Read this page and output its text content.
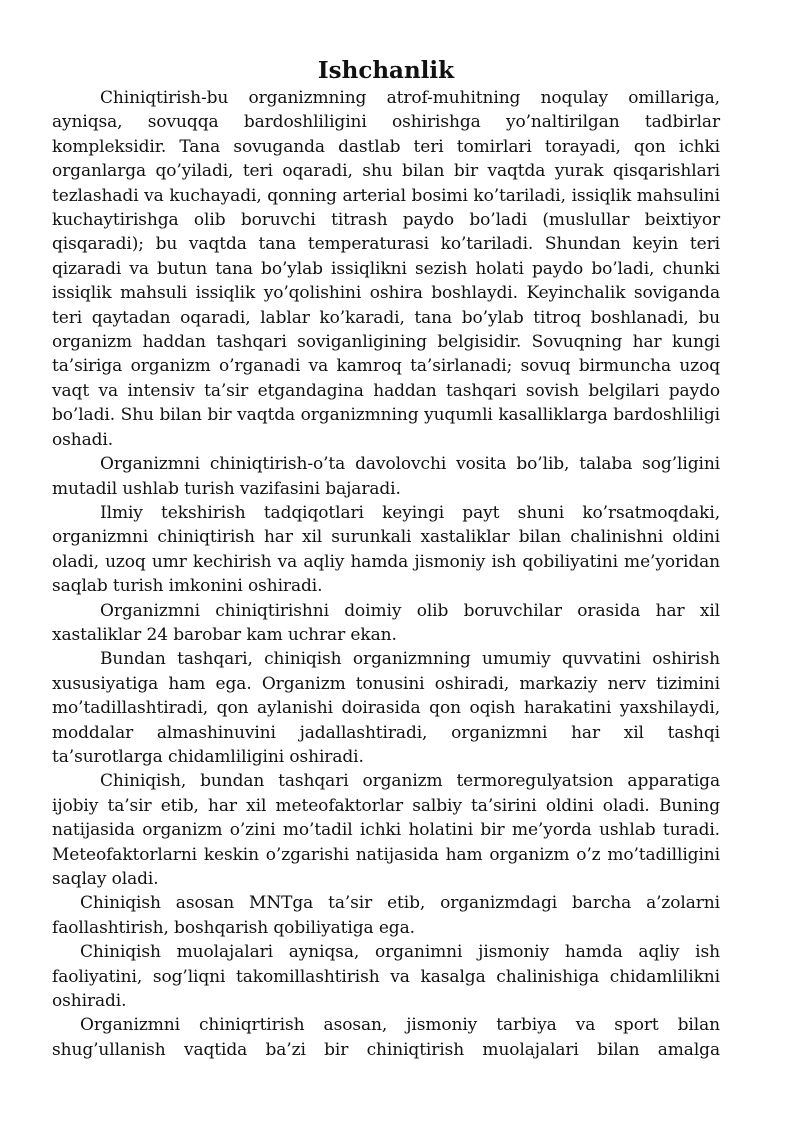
Ishchanlik

Chiniqtirish-bu organizmning atrof-muhitning noqulay omillariga, ayniqsa, sovuqqa bardoshliligini oshirishga yo’naltirilgan tadbirlar kompleksidir. Tana sovuganda dastlab teri tomirlari torayadi, qon ichki organlarga qo’yiladi, teri oqaradi, shu bilan bir vaqtda yurak qisqarishlari tezlashadi va kuchayadi, qonning arterial bosimi ko’tariladi, issiqlik mahsulini kuchaytirishga olib boruvchi titrash paydo bo’ladi (muslullar beixtiyor qisqaradi); bu vaqtda tana temperaturasi ko’tariladi. Shundan keyin teri qizaradi va butun tana bo’ylab issiqlikni sezish holati paydo bo’ladi, chunki issiqlik mahsuli issiqlik yo’qolishini oshira boshlaydi. Keyinchalik soviganda teri qaytadan oqaradi, lablar ko’karadi, tana bo’ylab titroq boshlanadi, bu organizm haddan tashqari soviganligining belgisidir. Sovuqning har kungi ta’siriga organizm o’rganadi va kamroq ta’sirlanadi; sovuq birmuncha uzoq vaqt va intensiv ta’sir etgandagina haddan tashqari sovish belgilari paydo bo’ladi. Shu bilan bir vaqtda organizmning yuqumli kasalliklarga bardoshliligi oshadi.

Organizmni chiniqtirish-o’ta davolovchi vosita bo’lib, talaba sog’ligini mutadil ushlab turish vazifasini bajaradi.

Ilmiy tekshirish tadqiqotlari keyingi payt shuni ko’rsatmoqdaki, organizmni chiniqtirish har xil surunkali xastaliklar bilan chalinishni oldini oladi, uzoq umr kechirish va aqliy hamda jismoniy ish qobiliyatini me’yoridan saqlab turish imkonini oshiradi.

Organizmni chiniqtirishni doimiy olib boruvchilar orasida har xil xastaliklar 24 barobar kam uchrar ekan.

Bundan tashqari, chiniqish organizmning umumiy quvvatini oshirish xususiyatiga ham ega. Organizm tonusini oshiradi, markaziy nerv tizimini mo’tadillashtiradi, qon aylanishi doirasida qon oqish harakatini yaxshilaydi, moddalar almashinuvini jadallashtiradi, organizmni har xil tashqi ta’surotlarga chidamliligini oshiradi.

Chiniqish, bundan tashqari organizm termoregulyatsion apparatiga ijobiy ta’sir etib, har xil meteofaktorlar salbiy ta’sirini oldini oladi. Buning natijasida organizm o’zini mo’tadil ichki holatini bir me’yorda ushlab turadi. Meteofaktorlarni keskin o’zgarishi natijasida ham organizm o’z mo’tadilligini saqlay oladi.

Chiniqish asosan MNTga ta’sir etib, organizmdagi barcha a’zolarni faollashtirish, boshqarish qobiliyatiga ega.

Chiniqish muolajalari ayniqsa, organimni jismoniy hamda aqliy ish faoliyatini, sog’liqni takomillashtirish va kasalga chalinishiga chidamlilikni oshiradi.

Organizmni chiniqrtirish asosan, jismoniy tarbiya va sport bilan shug’ullanish vaqtida ba’zi bir chiniqtirish muolajalari bilan amalga
